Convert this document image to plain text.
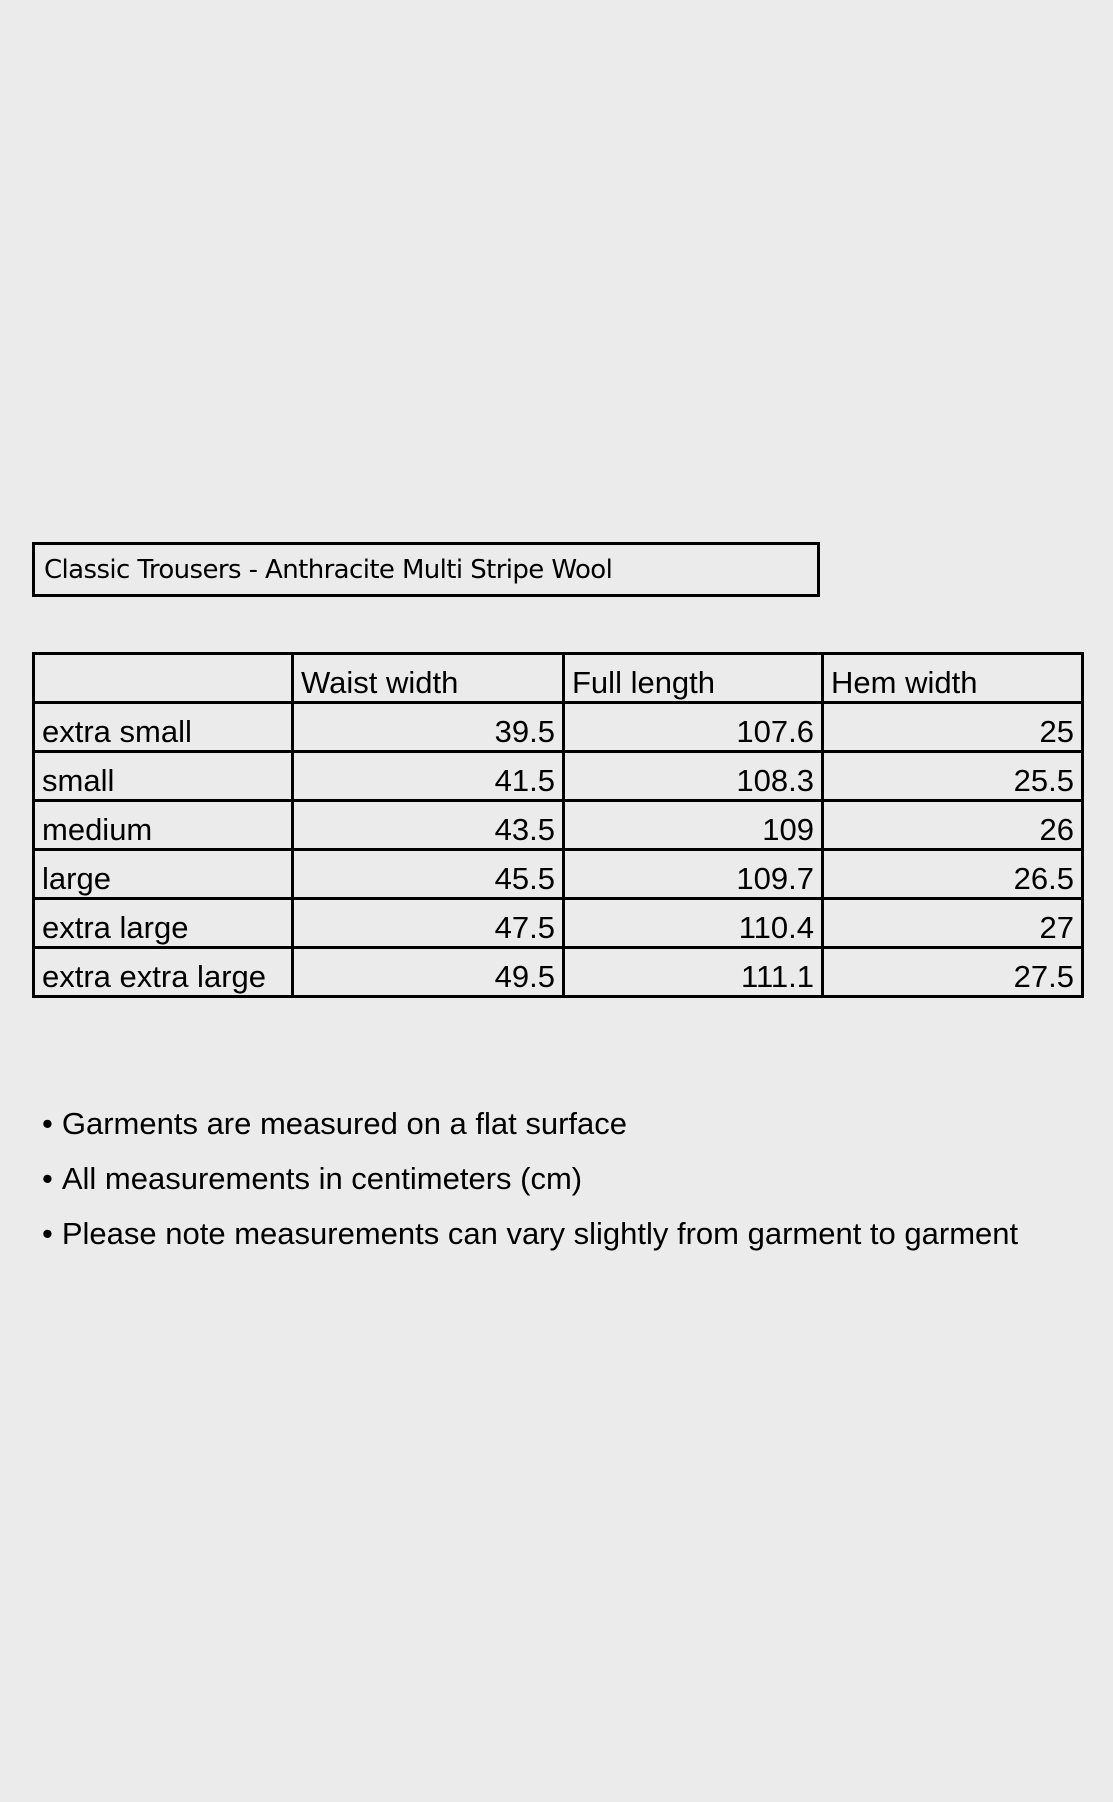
Classic Trousers - Anthracite Multi Stripe Wool
	Waist width	Full length	Hem width
extra small	39.5	107.6	25
small	41.5	108.3	25.5
medium	43.5	109	26
large	45.5	109.7	26.5
extra large	47.5	110.4	27
extra extra large	49.5	111.1	27.5
• Garments are measured on a flat surface
• All measurements in centimeters (cm)
• Please note measurements can vary slightly from garment to garment
